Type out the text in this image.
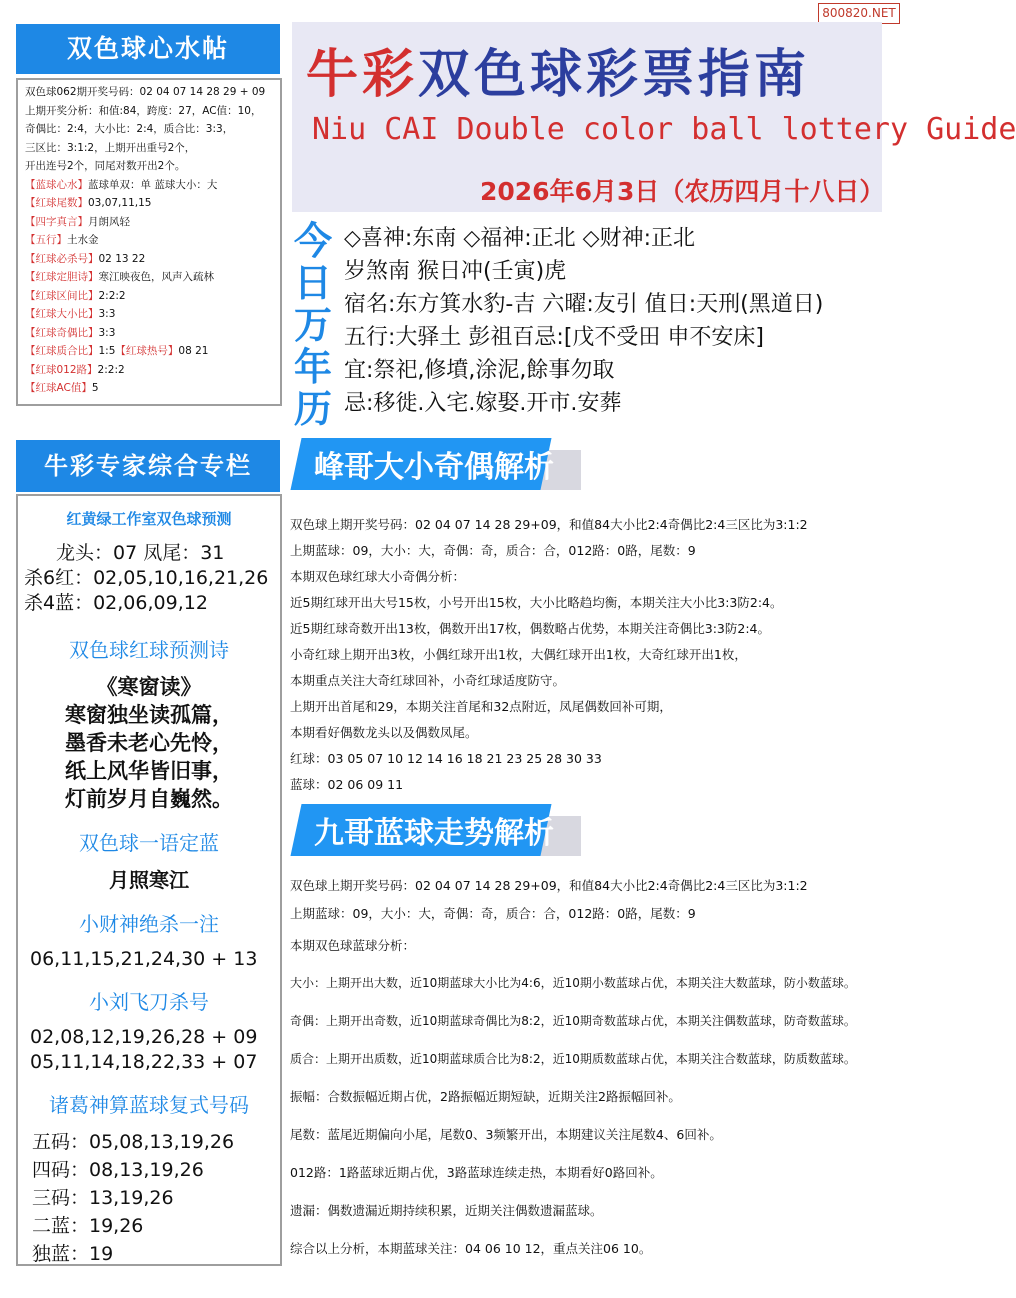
800820.NET
双色球心水帖
双色球062期开奖号码：02 04 07 14 28 29 + 09
上期开奖分析：和值:84，跨度：27，AC值：10，
奇偶比：2:4，大小比：2:4，质合比：3:3，
三区比：3:1:2，上期开出重号2个，
开出连号2个，同尾对数开出2个。
【蓝球心水】蓝球单双：单 蓝球大小：大
【红球尾数】03,07,11,15
【四字真言】月朗风轻
【五行】土水金
【红球必杀号】02 13 22
【红球定胆诗】寒江映夜色，风声入疏林
【红球区间比】2:2:2
【红球大小比】3:3
【红球奇偶比】3:3
【红球质合比】1:5【红球热号】08 21
【红球012路】2:2:2
【红球AC值】5
牛彩专家综合专栏
红黄绿工作室双色球预测
龙头：07 凤尾：31
杀6红：02,05,10,16,21,26
杀4蓝：02,06,09,12
双色球红球预测诗
《寒窗读》
寒窗独坐读孤篇，
墨香未老心先怜，
纸上风华皆旧事，
灯前岁月自巍然。
双色球一语定蓝
月照寒江
小财神绝杀一注
06,11,15,21,24,30 + 13
小刘飞刀杀号
02,08,12,19,26,28 + 09
05,11,14,18,22,33 + 07
诸葛神算蓝球复式号码
五码：05,08,13,19,26
四码：08,13,19,26
三码：13,19,26
二蓝：19,26
独蓝：19
牛彩双色球彩票指南
Niu CAI Double color ball lottery Guide
2026年6月3日（农历四月十八日）
今
日
万
年
历
◇喜神:东南 ◇福神:正北 ◇财神:正北
岁煞南 猴日冲(壬寅)虎
宿名:东方箕水豹-吉 六曜:友引 值日:天刑(黑道日)
五行:大驿土 彭祖百忌:[戊不受田 申不安床]
宜:祭祀,修墳,涂泥,餘事勿取
忌:移徙.入宅.嫁娶.开市.安葬
峰哥大小奇偶解析
双色球上期开奖号码：02 04 07 14 28 29+09，和值84大小比2:4奇偶比2:4三区比为3:1:2
上期蓝球：09，大小：大，奇偶：奇，质合：合，012路：0路，尾数：9
本期双色球红球大小奇偶分析：
近5期红球开出大号15枚，小号开出15枚，大小比略趋均衡，本期关注大小比3:3防2:4。
近5期红球奇数开出13枚，偶数开出17枚，偶数略占优势，本期关注奇偶比3:3防2:4。
小奇红球上期开出3枚，小偶红球开出1枚，大偶红球开出1枚，大奇红球开出1枚，
本期重点关注大奇红球回补，小奇红球适度防守。
上期开出首尾和29，本期关注首尾和32点附近，凤尾偶数回补可期，
本期看好偶数龙头以及偶数凤尾。
红球：03 05 07 10 12 14 16 18 21 23 25 28 30 33
蓝球：02 06 09 11
九哥蓝球走势解析
双色球上期开奖号码：02 04 07 14 28 29+09，和值84大小比2:4奇偶比2:4三区比为3:1:2
上期蓝球：09，大小：大，奇偶：奇，质合：合，012路：0路，尾数：9
本期双色球蓝球分析：
大小：上期开出大数，近10期蓝球大小比为4:6，近10期小数蓝球占优，本期关注大数蓝球，防小数蓝球。
奇偶：上期开出奇数，近10期蓝球奇偶比为8:2，近10期奇数蓝球占优，本期关注偶数蓝球，防奇数蓝球。
质合：上期开出质数，近10期蓝球质合比为8:2，近10期质数蓝球占优，本期关注合数蓝球，防质数蓝球。
振幅：合数振幅近期占优，2路振幅近期短缺，近期关注2路振幅回补。
尾数：蓝尾近期偏向小尾，尾数0、3频繁开出，本期建议关注尾数4、6回补。
012路：1路蓝球近期占优，3路蓝球连续走热，本期看好0路回补。
遗漏：偶数遗漏近期持续积累，近期关注偶数遗漏蓝球。
综合以上分析，本期蓝球关注：04 06 10 12，重点关注06 10。
